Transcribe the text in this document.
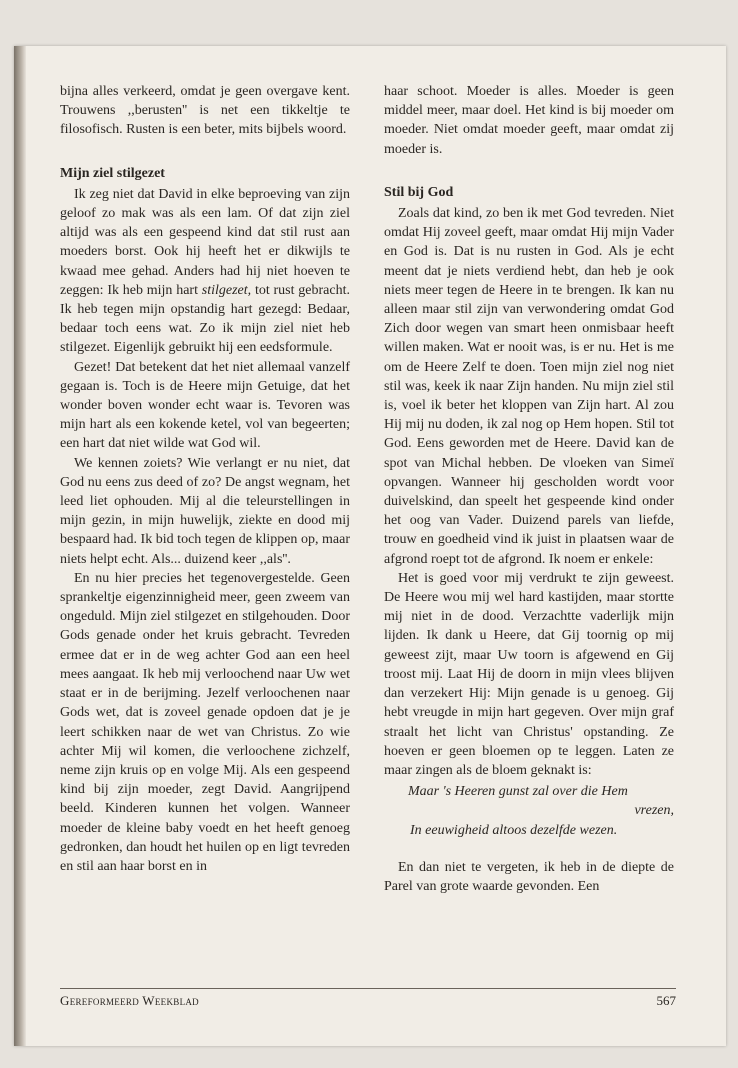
bijna alles verkeerd, omdat je geen overgave kent. Trouwens ,,berusten'' is net een tikkeltje te filosofisch. Rusten is een beter, mits bijbels woord.

Mijn ziel stilgezet

Ik zeg niet dat David in elke beproeving van zijn geloof zo mak was als een lam. Of dat zijn ziel altijd was als een gespeend kind dat stil rust aan moeders borst. Ook hij heeft het er dikwijls te kwaad mee gehad. Anders had hij niet hoeven te zeggen: Ik heb mijn hart stilgezet, tot rust gebracht. Ik heb tegen mijn opstandig hart gezegd: Bedaar, bedaar toch eens wat. Zo ik mijn ziel niet heb stilgezet. Eigenlijk gebruikt hij een eedsformule.

Gezet! Dat betekent dat het niet allemaal vanzelf gegaan is. Toch is de Heere mijn Getuige, dat het wonder boven wonder echt waar is. Tevoren was mijn hart als een kokende ketel, vol van begeerten; een hart dat niet wilde wat God wil.

We kennen zoiets? Wie verlangt er nu niet, dat God nu eens zus deed of zo? De angst wegnam, het leed liet ophouden. Mij al die teleurstellingen in mijn gezin, in mijn huwelijk, ziekte en dood mij bespaard had. Ik bid toch tegen de klippen op, maar niets helpt echt. Als... duizend keer ,,als''.

En nu hier precies het tegenovergestelde. Geen sprankeltje eigenzinnigheid meer, geen zweem van ongeduld. Mijn ziel stilgezet en stilgehouden. Door Gods genade onder het kruis gebracht. Tevreden ermee dat er in de weg achter God aan een heel mees aangaat. Ik heb mij verloochend naar Uw wet staat er in de berijming. Jezelf verloochenen naar Gods wet, dat is zoveel genade opdoen dat je je leert schikken naar de wet van Christus. Zo wie achter Mij wil komen, die verloochene zichzelf, neme zijn kruis op en volge Mij. Als een gespeend kind bij zijn moeder, zegt David. Aangrijpend beeld. Kinderen kunnen het volgen. Wanneer moeder de kleine baby voedt en het heeft genoeg gedronken, dan houdt het huilen op en ligt tevreden en stil aan haar borst en in

haar schoot. Moeder is alles. Moeder is geen middel meer, maar doel. Het kind is bij moeder om moeder. Niet omdat moeder geeft, maar omdat zij moeder is.

Stil bij God

Zoals dat kind, zo ben ik met God tevreden. Niet omdat Hij zoveel geeft, maar omdat Hij mijn Vader en God is. Dat is nu rusten in God. Als je echt meent dat je niets verdiend hebt, dan heb je ook niets meer tegen de Heere in te brengen. Ik kan nu alleen maar stil zijn van verwondering omdat God Zich door wegen van smart heen onmisbaar heeft willen maken. Wat er nooit was, is er nu. Het is me om de Heere Zelf te doen. Toen mijn ziel nog niet stil was, keek ik naar Zijn handen. Nu mijn ziel stil is, voel ik beter het kloppen van Zijn hart. Al zou Hij mij nu doden, ik zal nog op Hem hopen. Stil tot God. Eens geworden met de Heere. David kan de spot van Michal hebben. De vloeken van Simeï opvangen. Wanneer hij gescholden wordt voor duivelskind, dan speelt het gespeende kind onder het oog van Vader. Duizend parels van liefde, trouw en goedheid vind ik juist in plaatsen waar de afgrond roept tot de afgrond. Ik noem er enkele:

Het is goed voor mij verdrukt te zijn geweest. De Heere wou mij wel hard kastijden, maar stortte mij niet in de dood. Verzachtte vaderlijk mijn lijden. Ik dank u Heere, dat Gij toornig op mij geweest zijt, maar Uw toorn is afgewend en Gij troost mij. Laat Hij de doorn in mijn vlees blijven dan verzekert Hij: Mijn genade is u genoeg. Gij hebt vreugde in mijn hart gegeven. Over mijn graf straalt het licht van Christus' opstanding. Ze hoeven er geen bloemen op te leggen. Laten ze maar zingen als de bloem geknakt is:

Maar 's Heeren gunst zal over die Hem
vrezen,
In eeuwigheid altoos dezelfde wezen.

En dan niet te vergeten, ik heb in de diepte de Parel van grote waarde gevonden. Een

Gereformeerd Weekblad	567
